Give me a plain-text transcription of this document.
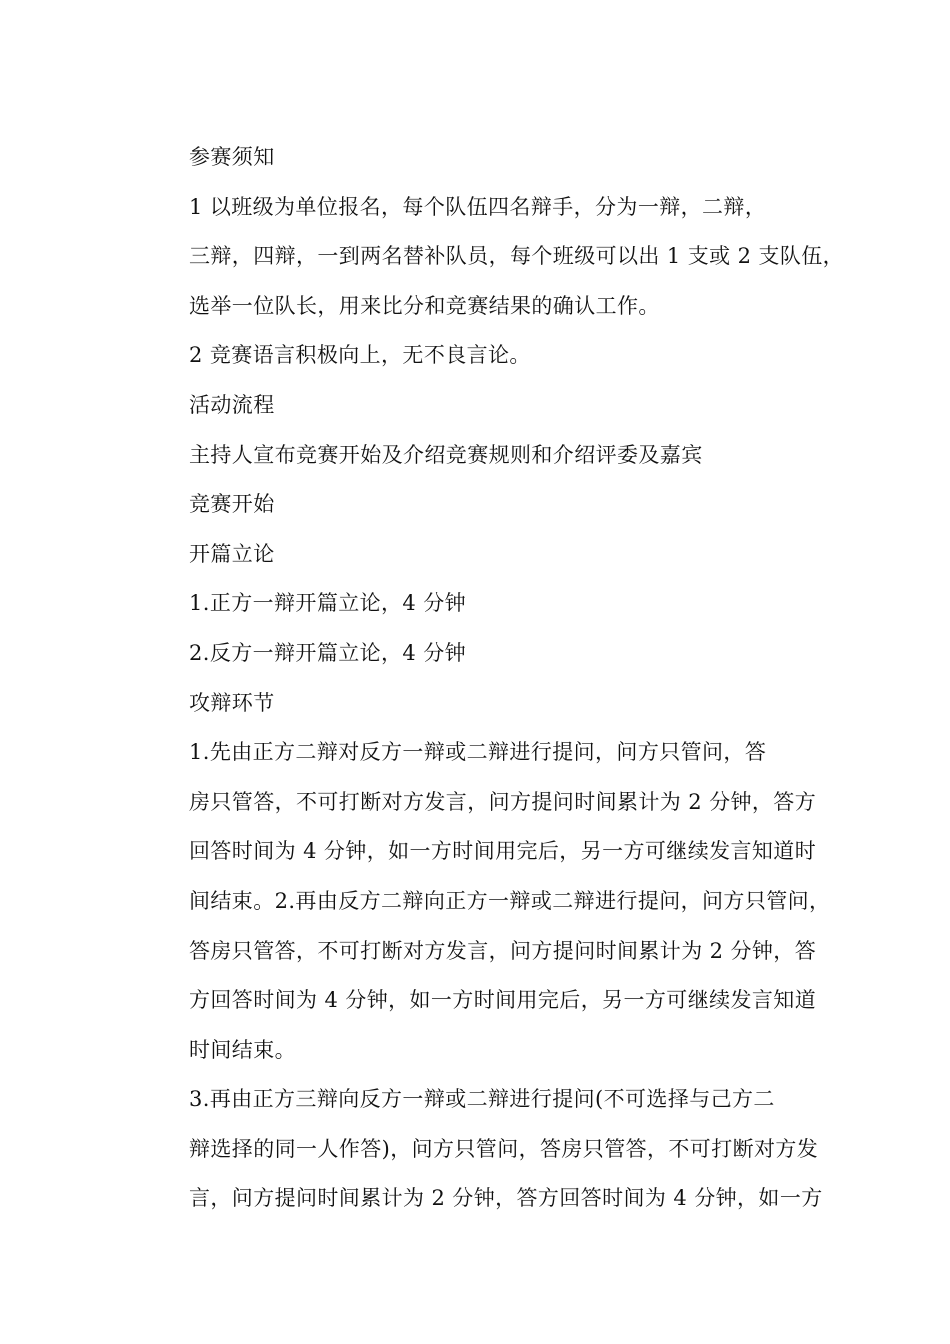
参赛须知

1 以班级为单位报名，每个队伍四名辩手，分为一辩，二辩，
三辩，四辩，一到两名替补队员，每个班级可以出 1 支或 2 支队伍，
选举一位队长，用来比分和竞赛结果的确认工作。

2 竞赛语言积极向上，无不良言论。

活动流程

主持人宣布竞赛开始及介绍竞赛规则和介绍评委及嘉宾

竞赛开始

开篇立论

1.正方一辩开篇立论，4 分钟

2.反方一辩开篇立论，4 分钟

攻辩环节

1.先由正方二辩对反方一辩或二辩进行提问，问方只管问，答
房只管答，不可打断对方发言，问方提问时间累计为 2 分钟，答方
回答时间为 4 分钟，如一方时间用完后，另一方可继续发言知道时
间结束。2.再由反方二辩向正方一辩或二辩进行提问，问方只管问，
答房只管答，不可打断对方发言，问方提问时间累计为 2 分钟，答
方回答时间为 4 分钟，如一方时间用完后，另一方可继续发言知道
时间结束。

3.再由正方三辩向反方一辩或二辩进行提问(不可选择与己方二
辩选择的同一人作答)，问方只管问，答房只管答，不可打断对方发
言，问方提问时间累计为 2 分钟，答方回答时间为 4 分钟，如一方
